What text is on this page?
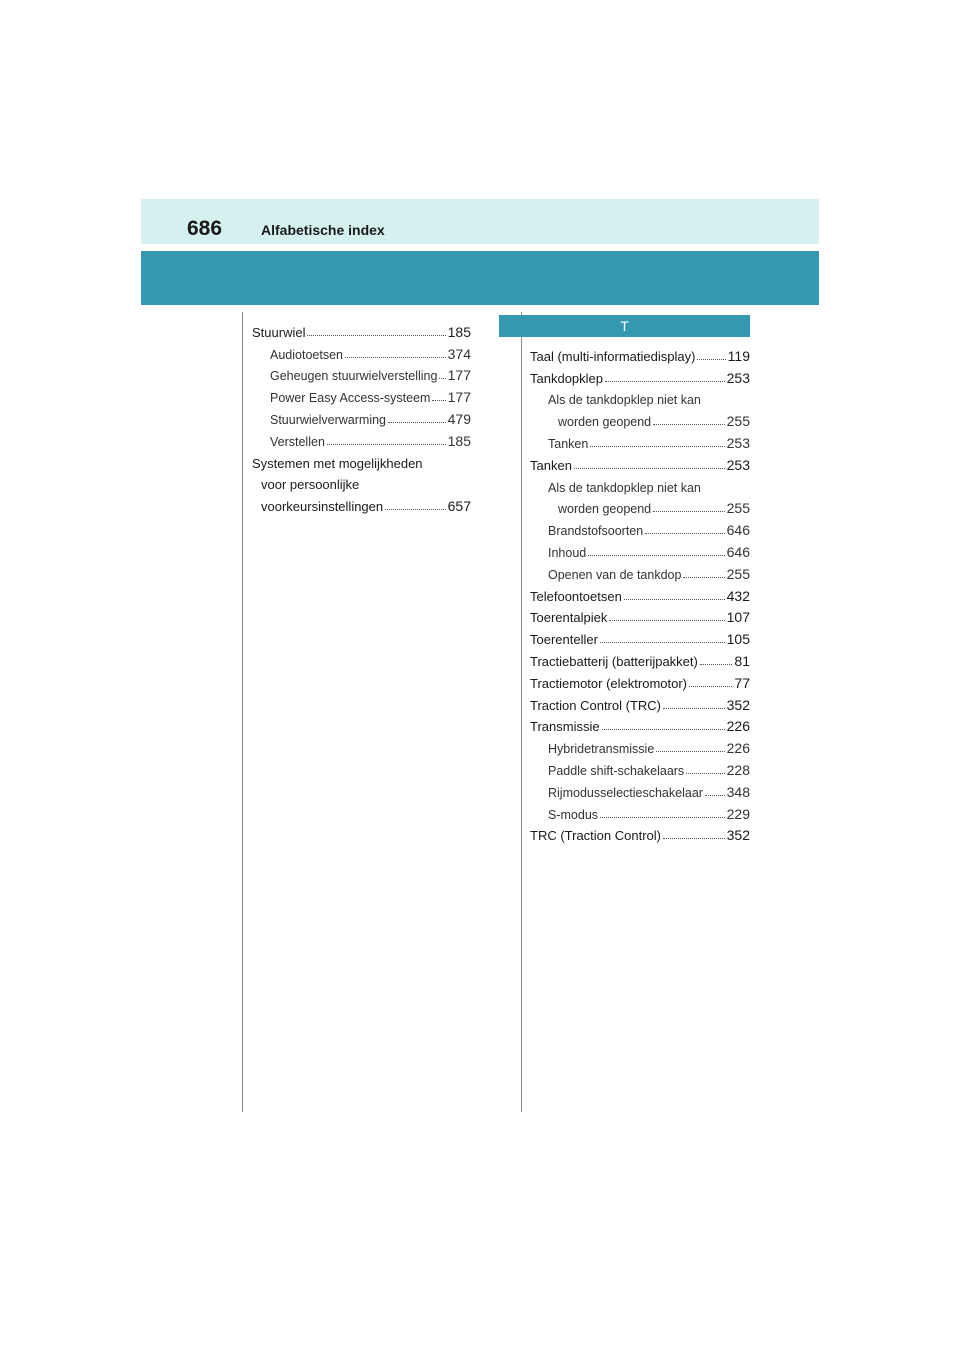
686	Alfabetische index
Stuurwiel	185
Audiotoetsen	374
Geheugen stuurwielverstelling 177
Power Easy Access-systeem 177
Stuurwielverwarming	479
Verstellen	185
Systemen met mogelijkheden
voor persoonlijke
voorkeursinstellingen	657
T
Taal (multi-informatiedisplay) 119
Tankdopklep	253
Als de tankdopklep niet kan
worden geopend	255
Tanken	253
Tanken	253
Als de tankdopklep niet kan
worden geopend	255
Brandstofsoorten	646
Inhoud	646
Openen van de tankdop	255
Telefoontoetsen	432
Toerentalpiek	107
Toerenteller	105
Tractiebatterij (batterijpakket)	81
Tractiemotor (elektromotor)	77
Traction Control (TRC)	352
Transmissie	226
Hybridetransmissie	226
Paddle shift-schakelaars	228
Rijmodusselectieschakelaar 348
S-modus	229
TRC (Traction Control)	352
